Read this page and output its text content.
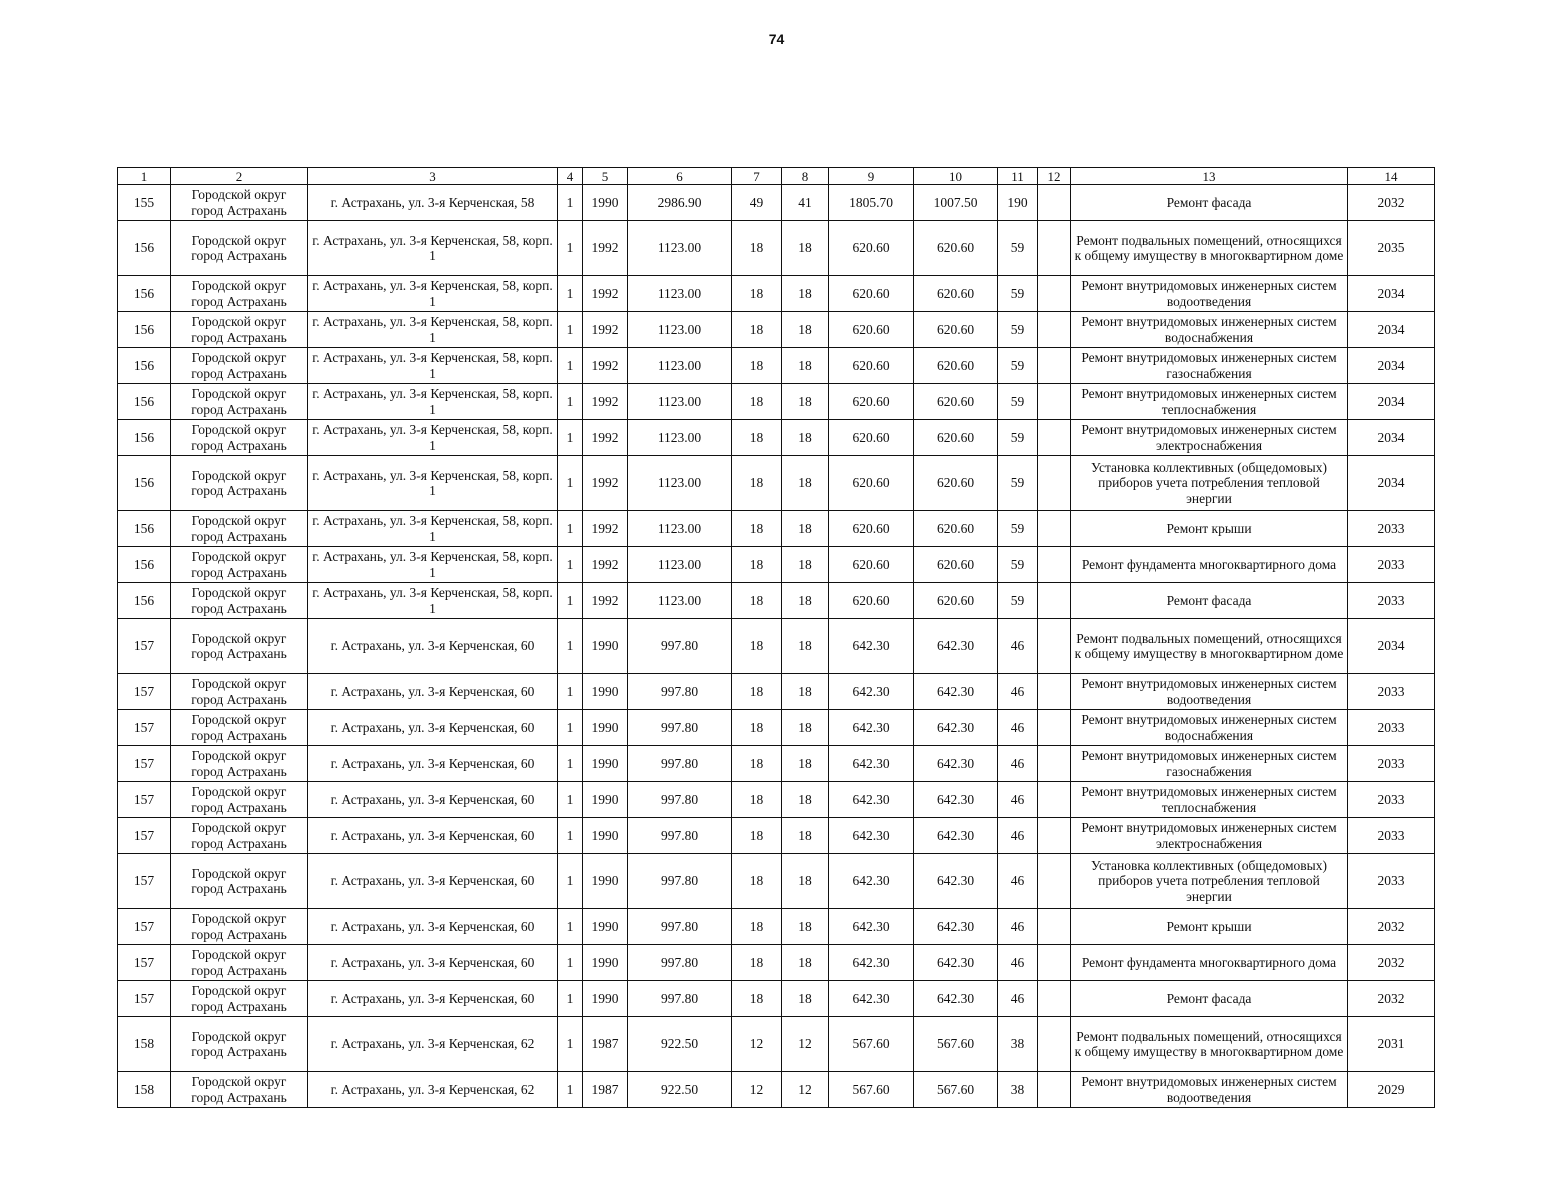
74
1	2	3	4	5	6	7	8	9	10	11	12	13	14
155	Городской округ город Астрахань	г. Астрахань, ул. 3-я Керченская, 58	1	1990	2986.90	49	41	1805.70	1007.50	190		Ремонт фасада	2032
156	Городской округ город Астрахань	г. Астрахань, ул. 3-я Керченская, 58, корп. 1	1	1992	1123.00	18	18	620.60	620.60	59		Ремонт подвальных помещений, относящихся к общему имуществу в многоквартирном доме	2035
156	Городской округ город Астрахань	г. Астрахань, ул. 3-я Керченская, 58, корп. 1	1	1992	1123.00	18	18	620.60	620.60	59		Ремонт внутридомовых инженерных систем водоотведения	2034
156	Городской округ город Астрахань	г. Астрахань, ул. 3-я Керченская, 58, корп. 1	1	1992	1123.00	18	18	620.60	620.60	59		Ремонт внутридомовых инженерных систем водоснабжения	2034
156	Городской округ город Астрахань	г. Астрахань, ул. 3-я Керченская, 58, корп. 1	1	1992	1123.00	18	18	620.60	620.60	59		Ремонт внутридомовых инженерных систем газоснабжения	2034
156	Городской округ город Астрахань	г. Астрахань, ул. 3-я Керченская, 58, корп. 1	1	1992	1123.00	18	18	620.60	620.60	59		Ремонт внутридомовых инженерных систем теплоснабжения	2034
156	Городской округ город Астрахань	г. Астрахань, ул. 3-я Керченская, 58, корп. 1	1	1992	1123.00	18	18	620.60	620.60	59		Ремонт внутридомовых инженерных систем электроснабжения	2034
156	Городской округ город Астрахань	г. Астрахань, ул. 3-я Керченская, 58, корп. 1	1	1992	1123.00	18	18	620.60	620.60	59		Установка коллективных (общедомовых) приборов учета потребления тепловой энергии	2034
156	Городской округ город Астрахань	г. Астрахань, ул. 3-я Керченская, 58, корп. 1	1	1992	1123.00	18	18	620.60	620.60	59		Ремонт крыши	2033
156	Городской округ город Астрахань	г. Астрахань, ул. 3-я Керченская, 58, корп. 1	1	1992	1123.00	18	18	620.60	620.60	59		Ремонт фундамента многоквартирного дома	2033
156	Городской округ город Астрахань	г. Астрахань, ул. 3-я Керченская, 58, корп. 1	1	1992	1123.00	18	18	620.60	620.60	59		Ремонт фасада	2033
157	Городской округ город Астрахань	г. Астрахань, ул. 3-я Керченская, 60	1	1990	997.80	18	18	642.30	642.30	46		Ремонт подвальных помещений, относящихся к общему имуществу в многоквартирном доме	2034
157	Городской округ город Астрахань	г. Астрахань, ул. 3-я Керченская, 60	1	1990	997.80	18	18	642.30	642.30	46		Ремонт внутридомовых инженерных систем водоотведения	2033
157	Городской округ город Астрахань	г. Астрахань, ул. 3-я Керченская, 60	1	1990	997.80	18	18	642.30	642.30	46		Ремонт внутридомовых инженерных систем водоснабжения	2033
157	Городской округ город Астрахань	г. Астрахань, ул. 3-я Керченская, 60	1	1990	997.80	18	18	642.30	642.30	46		Ремонт внутридомовых инженерных систем газоснабжения	2033
157	Городской округ город Астрахань	г. Астрахань, ул. 3-я Керченская, 60	1	1990	997.80	18	18	642.30	642.30	46		Ремонт внутридомовых инженерных систем теплоснабжения	2033
157	Городской округ город Астрахань	г. Астрахань, ул. 3-я Керченская, 60	1	1990	997.80	18	18	642.30	642.30	46		Ремонт внутридомовых инженерных систем электроснабжения	2033
157	Городской округ город Астрахань	г. Астрахань, ул. 3-я Керченская, 60	1	1990	997.80	18	18	642.30	642.30	46		Установка коллективных (общедомовых) приборов учета потребления тепловой энергии	2033
157	Городской округ город Астрахань	г. Астрахань, ул. 3-я Керченская, 60	1	1990	997.80	18	18	642.30	642.30	46		Ремонт крыши	2032
157	Городской округ город Астрахань	г. Астрахань, ул. 3-я Керченская, 60	1	1990	997.80	18	18	642.30	642.30	46		Ремонт фундамента многоквартирного дома	2032
157	Городской округ город Астрахань	г. Астрахань, ул. 3-я Керченская, 60	1	1990	997.80	18	18	642.30	642.30	46		Ремонт фасада	2032
158	Городской округ город Астрахань	г. Астрахань, ул. 3-я Керченская, 62	1	1987	922.50	12	12	567.60	567.60	38		Ремонт подвальных помещений, относящихся к общему имуществу в многоквартирном доме	2031
158	Городской округ город Астрахань	г. Астрахань, ул. 3-я Керченская, 62	1	1987	922.50	12	12	567.60	567.60	38		Ремонт внутридомовых инженерных систем водоотведения	2029
